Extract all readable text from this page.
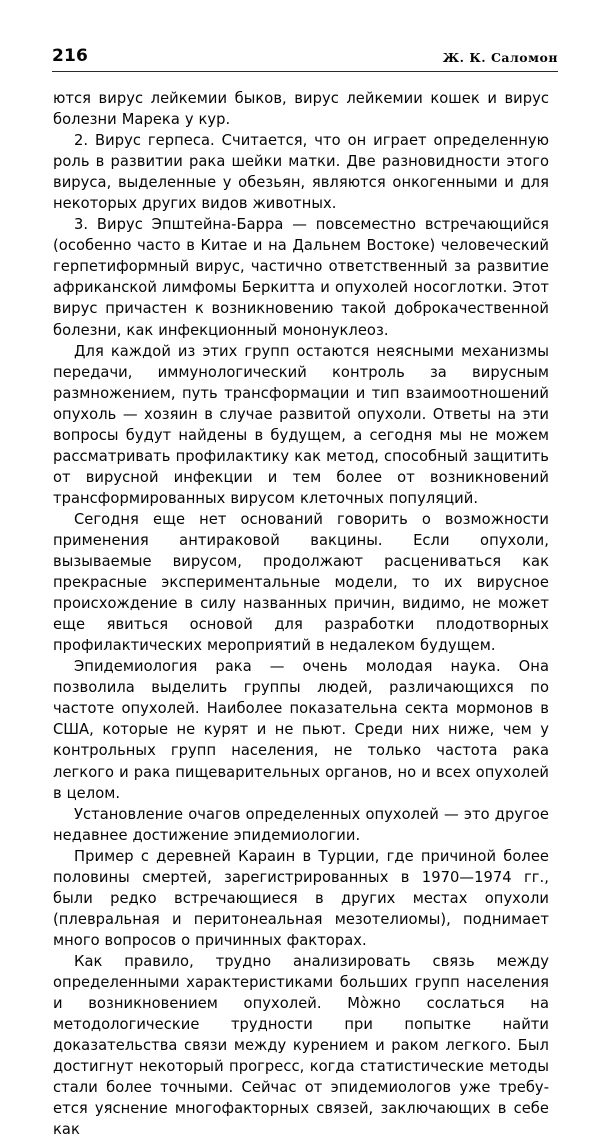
216	Ж. К. Саломон

ются вирус лейкемии быков, вирус лейкемии кошек и вирус болезни Марека у кур.

2. Вирус герпеса. Считается, что он играет определенную роль в развитии рака шейки матки. Две разновидности этого вируса, выделенные у обезьян, являются онкогенными и для некоторых других видов животных.

3. Вирус Эпштейна-Барра — повсеместно встречающийся (особенно часто в Китае и на Дальнем Востоке) человеческий герпетиформный вирус, частично ответственный за развитие африканской лимфомы Беркитта и опухолей носоглотки. Этот вирус причастен к возникновению такой доброкачественной болезни, как инфекционный мононуклеоз.

Для каждой из этих групп остаются неясными механизмы передачи, иммунологический контроль за вирусным размножением, путь трансформации и тип взаимоотношений опухоль — хозяин в случае развитой опухоли. Ответы на эти вопросы будут найдены в будущем, а сегодня мы не можем рассматривать профилактику как метод, способный защитить от вирусной инфекции и тем более от возникновений трансформированных вирусом клеточных популяций.

Сегодня еще нет оснований говорить о возможности применения антираковой вакцины. Если опухоли, вызываемые вирусом, продолжают расцениваться как прекрасные экспериментальные модели, то их вирусное происхождение в силу названных причин, видимо, не может еще явиться основой для разработки плодотворных профилактических мероприятий в недалеком будущем.

Эпидемиология рака — очень молодая наука. Она позволила выделить группы людей, различающихся по частоте опухолей. Наиболее показательна секта мормонов в США, которые не курят и не пьют. Среди них ниже, чем у контрольных групп населения, не только частота рака легкого и рака пищеварительных органов, но и всех опухолей в целом.

Установление очагов определенных опухолей — это другое недавнее достижение эпидемиологии.

Пример с деревней Караин в Турции, где причиной более половины смертей, зарегистрированных в 1970—1974 гг., были редко встречающиеся в других местах опухоли (плевральная и перитонеальная мезотелиомы), поднимает много вопросов о причинных факторах.

Как правило, трудно анализировать связь между определенными характеристиками больших групп населения и возникновением опухолей. Мо̀жно сослаться на методологические трудности при попытке найти доказательства связи между курением и раком легкого. Был достигнут некоторый прогресс, когда статистические методы стали более точными. Сейчас от эпидемиологов уже требуется уяснение многофакторных связей, заключающих в себе как
